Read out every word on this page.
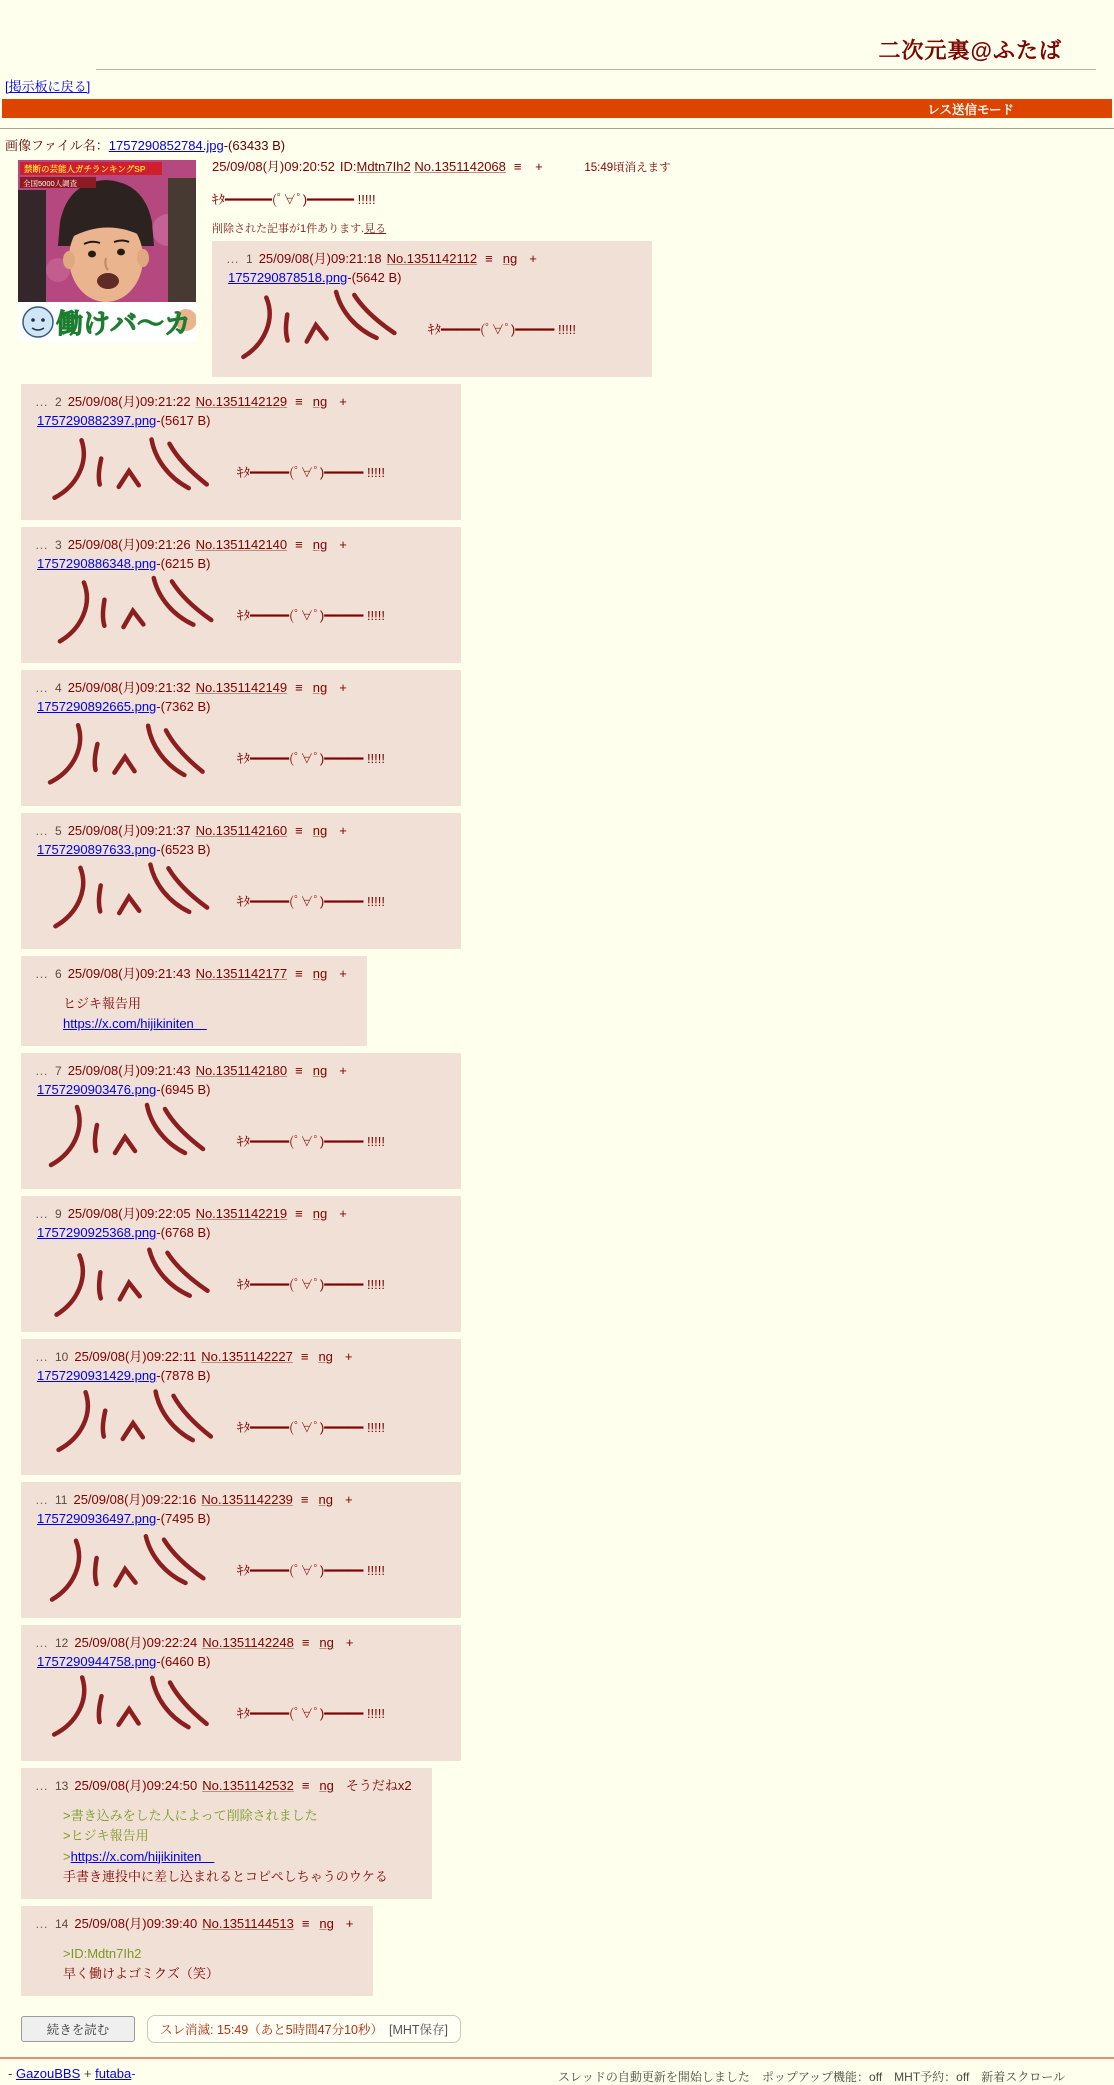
二次元裏@ふたば
[掲示板に戻る]
レス送信モード
画像ファイル名：1757290852784.jpg-(63433 B)
禁断の芸能人ガチランキングSP
全国5000人調査
働けバ〜カ
25/09/08(月)09:20:52 ID:Mdtn7Ih2 No.1351142068 ≡ +	15:49頃消えます
ｷﾀ━━━━━━(ﾟ∀ﾟ)━━━━━━ !!!!!
削除された記事が1件あります.見る
… 1 25/09/08(月)09:21:18 No.1351142112 ≡ ng +
1757290878518.png-(5642 B)
ｷﾀ━━━━━(ﾟ∀ﾟ)━━━━━ !!!!!
… 2 25/09/08(月)09:21:22 No.1351142129 ≡ ng +
1757290882397.png-(5617 B)
ｷﾀ━━━━━(ﾟ∀ﾟ)━━━━━ !!!!!
… 3 25/09/08(月)09:21:26 No.1351142140 ≡ ng +
1757290886348.png-(6215 B)
ｷﾀ━━━━━(ﾟ∀ﾟ)━━━━━ !!!!!
… 4 25/09/08(月)09:21:32 No.1351142149 ≡ ng +
1757290892665.png-(7362 B)
ｷﾀ━━━━━(ﾟ∀ﾟ)━━━━━ !!!!!
… 5 25/09/08(月)09:21:37 No.1351142160 ≡ ng +
1757290897633.png-(6523 B)
ｷﾀ━━━━━(ﾟ∀ﾟ)━━━━━ !!!!!
… 6 25/09/08(月)09:21:43 No.1351142177 ≡ ng +
ヒジキ報告用
https://x.com/hijikiniten　
… 7 25/09/08(月)09:21:43 No.1351142180 ≡ ng +
1757290903476.png-(6945 B)
ｷﾀ━━━━━(ﾟ∀ﾟ)━━━━━ !!!!!
… 9 25/09/08(月)09:22:05 No.1351142219 ≡ ng +
1757290925368.png-(6768 B)
ｷﾀ━━━━━(ﾟ∀ﾟ)━━━━━ !!!!!
… 10 25/09/08(月)09:22:11 No.1351142227 ≡ ng +
1757290931429.png-(7878 B)
ｷﾀ━━━━━(ﾟ∀ﾟ)━━━━━ !!!!!
… 11 25/09/08(月)09:22:16 No.1351142239 ≡ ng +
1757290936497.png-(7495 B)
ｷﾀ━━━━━(ﾟ∀ﾟ)━━━━━ !!!!!
… 12 25/09/08(月)09:22:24 No.1351142248 ≡ ng +
1757290944758.png-(6460 B)
ｷﾀ━━━━━(ﾟ∀ﾟ)━━━━━ !!!!!
… 13 25/09/08(月)09:24:50 No.1351142532 ≡ ng そうだねx2
>書き込みをした人によって削除されました
>ヒジキ報告用
>https://x.com/hijikiniten　
手書き連投中に差し込まれるとコピペしちゃうのウケる
… 14 25/09/08(月)09:39:40 No.1351144513 ≡ ng +
>ID:Mdtn7Ih2
早く働けよゴミクズ（笑）
続きを読む	スレ消滅: 15:49（あと5時間47分10秒） [MHT保存]
- GazouBBS + futaba-	スレッドの自動更新を開始しました　ポップアップ機能：off　MHT予約：off　新着スクロール
